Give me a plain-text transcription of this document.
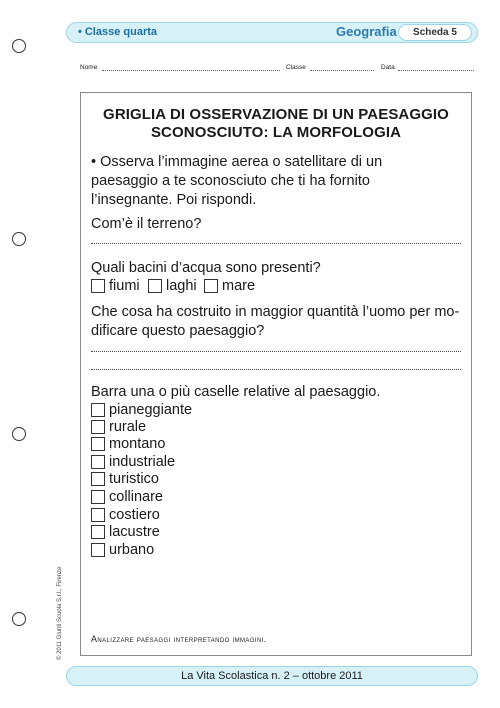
• Classe quarta	Geografia	Scheda 5
Nome	Classe	Data
GRIGLIA DI OSSERVAZIONE DI UN PAESAGGIO
SCONOSCIUTO: LA MORFOLOGIA
• Osserva l’immagine aerea o satellitare di un
paesaggio a te sconosciuto che ti ha fornito
l’insegnante. Poi rispondi.
Com’è il terreno?
Quali bacini d’acqua sono presenti?
fiumi laghi mare
Che cosa ha costruito in maggior quantità l’uomo per mo-
dificare questo paesaggio?
Barra una o più caselle relative al paesaggio.
pianeggiante
rurale
montano
industriale
turistico
collinare
costiero
lacustre
urbano
Analizzare paesaggi interpretando immagini.
© 2011 Giunti Scuola S.r.l., Firenze
La Vita Scolastica n. 2 – ottobre 2011
